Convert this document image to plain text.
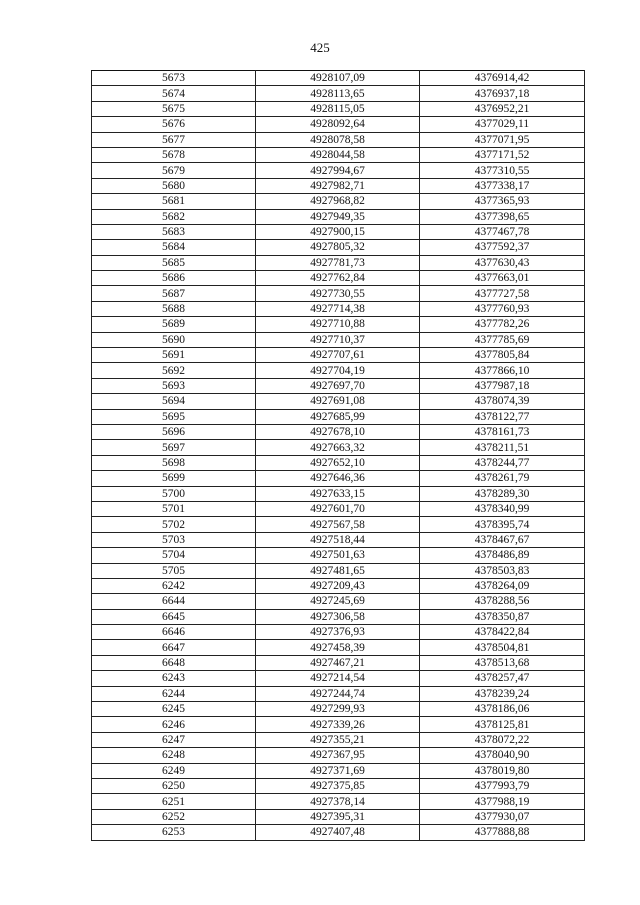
425
5673	4928107,09	4376914,42
5674	4928113,65	4376937,18
5675	4928115,05	4376952,21
5676	4928092,64	4377029,11
5677	4928078,58	4377071,95
5678	4928044,58	4377171,52
5679	4927994,67	4377310,55
5680	4927982,71	4377338,17
5681	4927968,82	4377365,93
5682	4927949,35	4377398,65
5683	4927900,15	4377467,78
5684	4927805,32	4377592,37
5685	4927781,73	4377630,43
5686	4927762,84	4377663,01
5687	4927730,55	4377727,58
5688	4927714,38	4377760,93
5689	4927710,88	4377782,26
5690	4927710,37	4377785,69
5691	4927707,61	4377805,84
5692	4927704,19	4377866,10
5693	4927697,70	4377987,18
5694	4927691,08	4378074,39
5695	4927685,99	4378122,77
5696	4927678,10	4378161,73
5697	4927663,32	4378211,51
5698	4927652,10	4378244,77
5699	4927646,36	4378261,79
5700	4927633,15	4378289,30
5701	4927601,70	4378340,99
5702	4927567,58	4378395,74
5703	4927518,44	4378467,67
5704	4927501,63	4378486,89
5705	4927481,65	4378503,83
6242	4927209,43	4378264,09
6644	4927245,69	4378288,56
6645	4927306,58	4378350,87
6646	4927376,93	4378422,84
6647	4927458,39	4378504,81
6648	4927467,21	4378513,68
6243	4927214,54	4378257,47
6244	4927244,74	4378239,24
6245	4927299,93	4378186,06
6246	4927339,26	4378125,81
6247	4927355,21	4378072,22
6248	4927367,95	4378040,90
6249	4927371,69	4378019,80
6250	4927375,85	4377993,79
6251	4927378,14	4377988,19
6252	4927395,31	4377930,07
6253	4927407,48	4377888,88
